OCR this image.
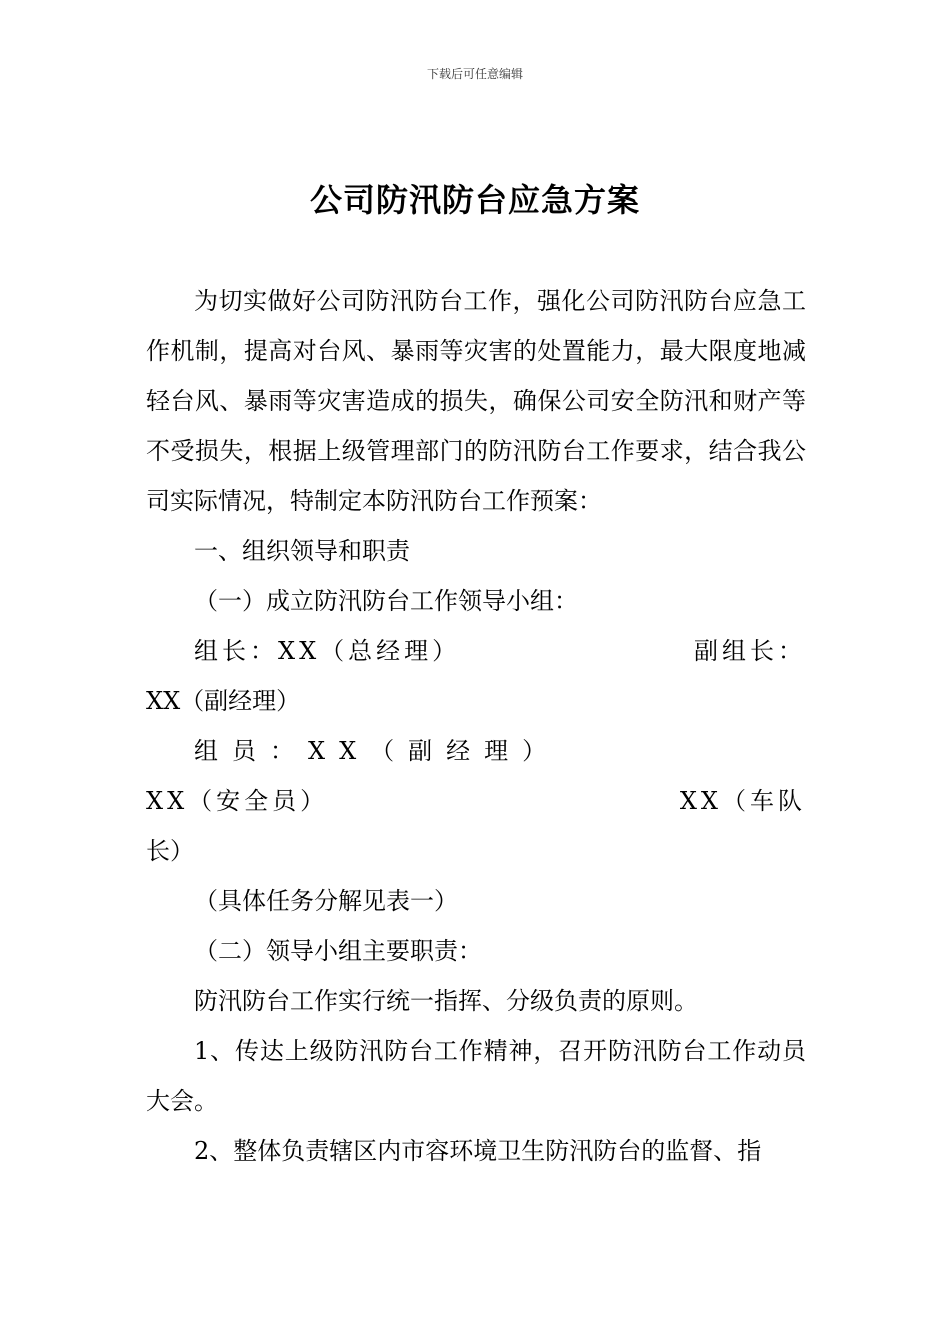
下载后可任意编辑
公司防汛防台应急方案

为切实做好公司防汛防台工作，强化公司防汛防台应急工作机制，提高对台风、暴雨等灾害的处置能力，最大限度地减轻台风、暴雨等灾害造成的损失，确保公司安全防汛和财产等不受损失，根据上级管理部门的防汛防台工作要求，结合我公司实际情况，特制定本防汛防台工作预案：

一、组织领导和职责

（一）成立防汛防台工作领导小组：

组长：XX（总经理）	副组长：

XX（副经理）

组员：XX（副经理）

XX（安全员）	XX（车队

长）

（具体任务分解见表一）

（二）领导小组主要职责：

防汛防台工作实行统一指挥、分级负责的原则。

1、传达上级防汛防台工作精神，召开防汛防台工作动员大会。

2、整体负责辖区内市容环境卫生防汛防台的监督、指
